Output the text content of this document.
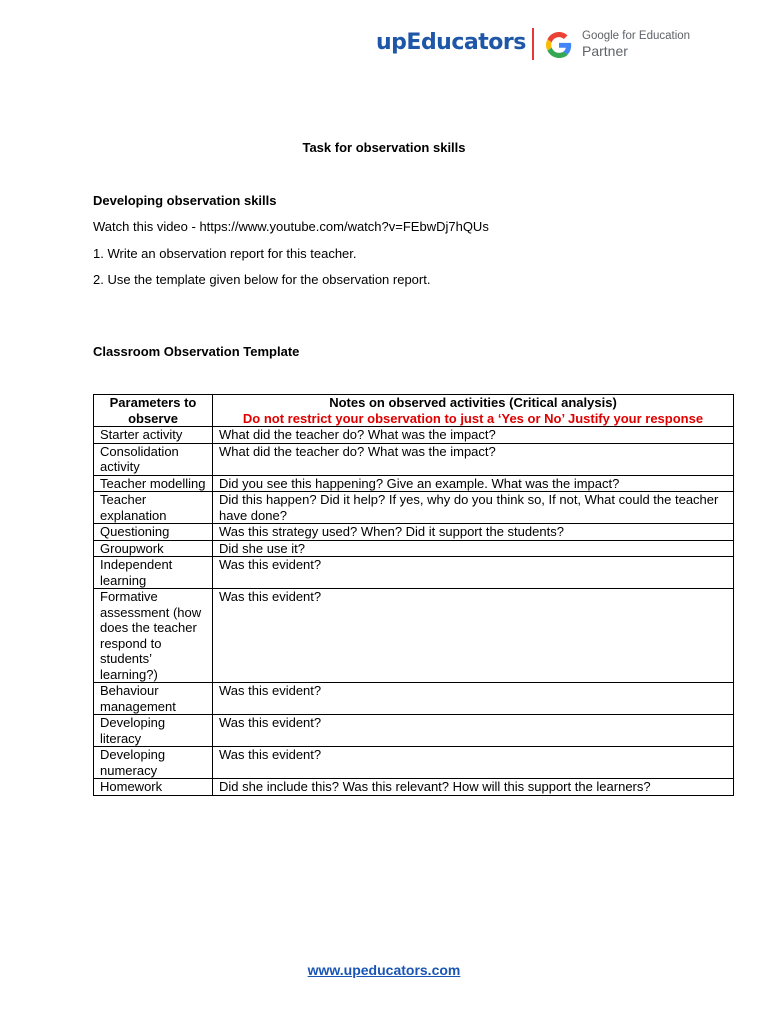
upEducators	Google for Education
Partner
Task for observation skills
Developing observation skills
Watch this video - https://www.youtube.com/watch?v=FEbwDj7hQUs
1. Write an observation report for this teacher.
2. Use the template given below for the observation report.
Classroom Observation Template
Parameters to observe	Notes on observed activities (Critical analysis)
Do not restrict your observation to just a ‘Yes or No’ Justify your response

Starter activity	What did the teacher do? What was the impact?
Consolidation activity	What did the teacher do? What was the impact?
Teacher modelling	Did you see this happening? Give an example. What was the impact?
Teacher explanation	Did this happen? Did it help? If yes, why do you think so, If not, What could the teacher have done?
Questioning	Was this strategy used? When? Did it support the students?
Groupwork	Did she use it?
Independent learning	Was this evident?
Formative assessment (how does the teacher respond to students’ learning?)	Was this evident?
Behaviour management	Was this evident?
Developing literacy	Was this evident?
Developing numeracy	Was this evident?
Homework	Did she include this? Was this relevant? How will this support the learners?
www.upeducators.com
